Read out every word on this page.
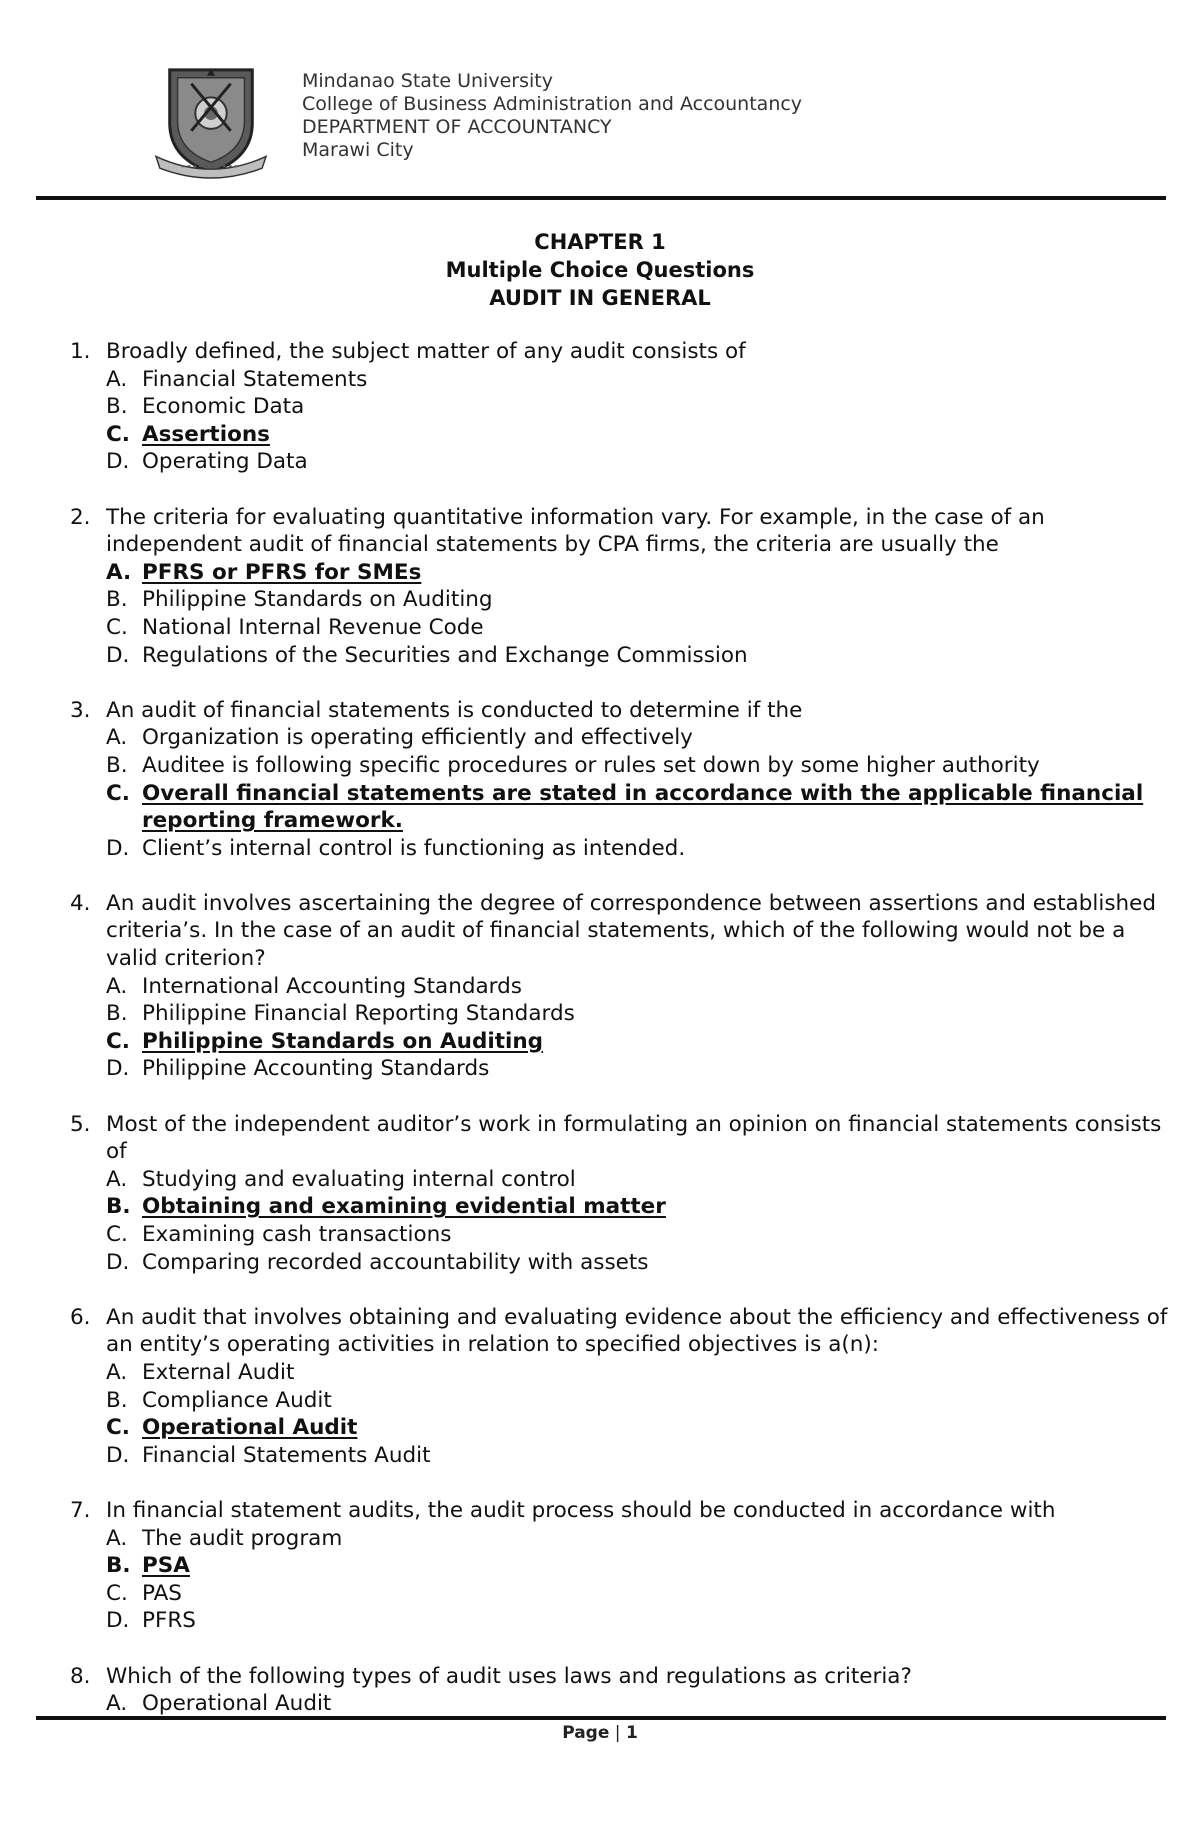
Mindanao State University
College of Business Administration and Accountancy
DEPARTMENT OF ACCOUNTANCY
Marawi City
CHAPTER 1
Multiple Choice Questions
AUDIT IN GENERAL
1. Broadly defined, the subject matter of any audit consists of
A. Financial Statements
B. Economic Data
C. Assertions
D. Operating Data
2. The criteria for evaluating quantitative information vary. For example, in the case of an independent audit of financial statements by CPA firms, the criteria are usually the
A. PFRS or PFRS for SMEs
B. Philippine Standards on Auditing
C. National Internal Revenue Code
D. Regulations of the Securities and Exchange Commission
3. An audit of financial statements is conducted to determine if the
A. Organization is operating efficiently and effectively
B. Auditee is following specific procedures or rules set down by some higher authority
C. Overall financial statements are stated in accordance with the applicable financial reporting framework.
D. Client’s internal control is functioning as intended.
4. An audit involves ascertaining the degree of correspondence between assertions and established criteria’s. In the case of an audit of financial statements, which of the following would not be a valid criterion?
A. International Accounting Standards
B. Philippine Financial Reporting Standards
C. Philippine Standards on Auditing
D. Philippine Accounting Standards
5. Most of the independent auditor’s work in formulating an opinion on financial statements consists of
A. Studying and evaluating internal control
B. Obtaining and examining evidential matter
C. Examining cash transactions
D. Comparing recorded accountability with assets
6. An audit that involves obtaining and evaluating evidence about the efficiency and effectiveness of an entity’s operating activities in relation to specified objectives is a(n):
A. External Audit
B. Compliance Audit
C. Operational Audit
D. Financial Statements Audit
7. In financial statement audits, the audit process should be conducted in accordance with
A. The audit program
B. PSA
C. PAS
D. PFRS
8. Which of the following types of audit uses laws and regulations as criteria?
A. Operational Audit
Page | 1
